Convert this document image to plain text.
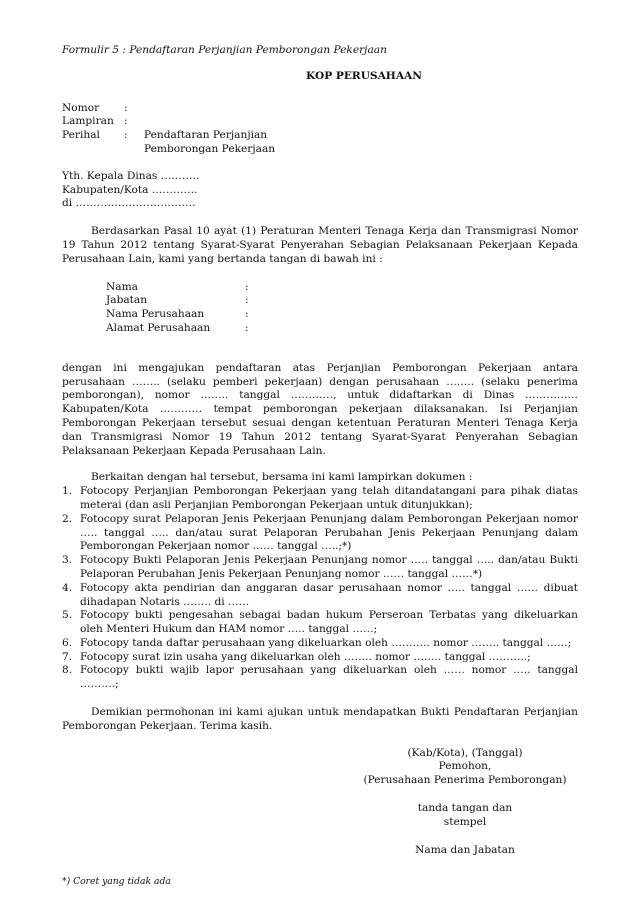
Formulir 5 : Pendaftaran Perjanjian Pemborongan Pekerjaan
KOP PERUSAHAAN
Nomor	:
Lampiran :
Perihal	:	Pendaftaran Perjanjian
Pemborongan Pekerjaan
Yth. Kepala Dinas ………..
Kabupaten/Kota ………….
di …………………………….
Berdasarkan Pasal 10 ayat (1) Peraturan Menteri Tenaga Kerja dan Transmigrasi Nomor 19 Tahun 2012 tentang Syarat-Syarat Penyerahan Sebagian Pelaksanaan Pekerjaan Kepada Perusahaan Lain, kami yang bertanda tangan di bawah ini :
Nama	:
Jabatan	:
Nama Perusahaan	:
Alamat Perusahaan	:
dengan ini mengajukan pendaftaran atas Perjanjian Pemborongan Pekerjaan antara perusahaan …….. (selaku pemberi pekerjaan) dengan perusahaan …….. (selaku penerima pemborongan), nomor …….. tanggal …………, untuk didaftarkan di Dinas …………… Kabupaten/Kota ………… tempat pemborongan pekerjaan dilaksanakan. Isi Perjanjian Pemborongan Pekerjaan tersebut sesuai dengan ketentuan Peraturan Menteri Tenaga Kerja dan Transmigrasi Nomor 19 Tahun 2012 tentang Syarat-Syarat Penyerahan Sebagian Pelaksanaan Pekerjaan Kepada Perusahaan Lain.
Berkaitan dengan hal tersebut, bersama ini kami lampirkan dokumen :
1. Fotocopy Perjanjian Pemborongan Pekerjaan yang telah ditandatangani para pihak diatas meterai (dan asli Perjanjian Pemborongan Pekerjaan untuk ditunjukkan);
2. Fotocopy surat Pelaporan Jenis Pekerjaan Penunjang dalam Pemborongan Pekerjaan nomor ….. tanggal ….. dan/atau surat Pelaporan Perubahan Jenis Pekerjaan Penunjang dalam Pemborongan Pekerjaan nomor …… tanggal …..;*)
3. Fotocopy Bukti Pelaporan Jenis Pekerjaan Penunjang nomor ….. tanggal ….. dan/atau Bukti Pelaporan Perubahan Jenis Pekerjaan Penunjang nomor …… tanggal ……*)
4. Fotocopy akta pendirian dan anggaran dasar perusahaan nomor ….. tanggal …… dibuat dihadapan Notaris …….. di ……
5. Fotocopy bukti pengesahan sebagai badan hukum Perseroan Terbatas yang dikeluarkan oleh Menteri Hukum dan HAM nomor ….. tanggal ……;
6. Fotocopy tanda daftar perusahaan yang dikeluarkan oleh ……….. nomor …….. tanggal ……;
7. Fotocopy surat izin usaha yang dikeluarkan oleh …….. nomor …….. tanggal ………..;
8. Fotocopy bukti wajib lapor perusahaan yang dikeluarkan oleh …… nomor ….. tanggal ……….;
Demikian permohonan ini kami ajukan untuk mendapatkan Bukti Pendaftaran Perjanjian Pemborongan Pekerjaan. Terima kasih.
(Kab/Kota), (Tanggal)
Pemohon,
(Perusahaan Penerima Pemborongan)
tanda tangan dan
stempel
Nama dan Jabatan
*) Coret yang tidak ada
